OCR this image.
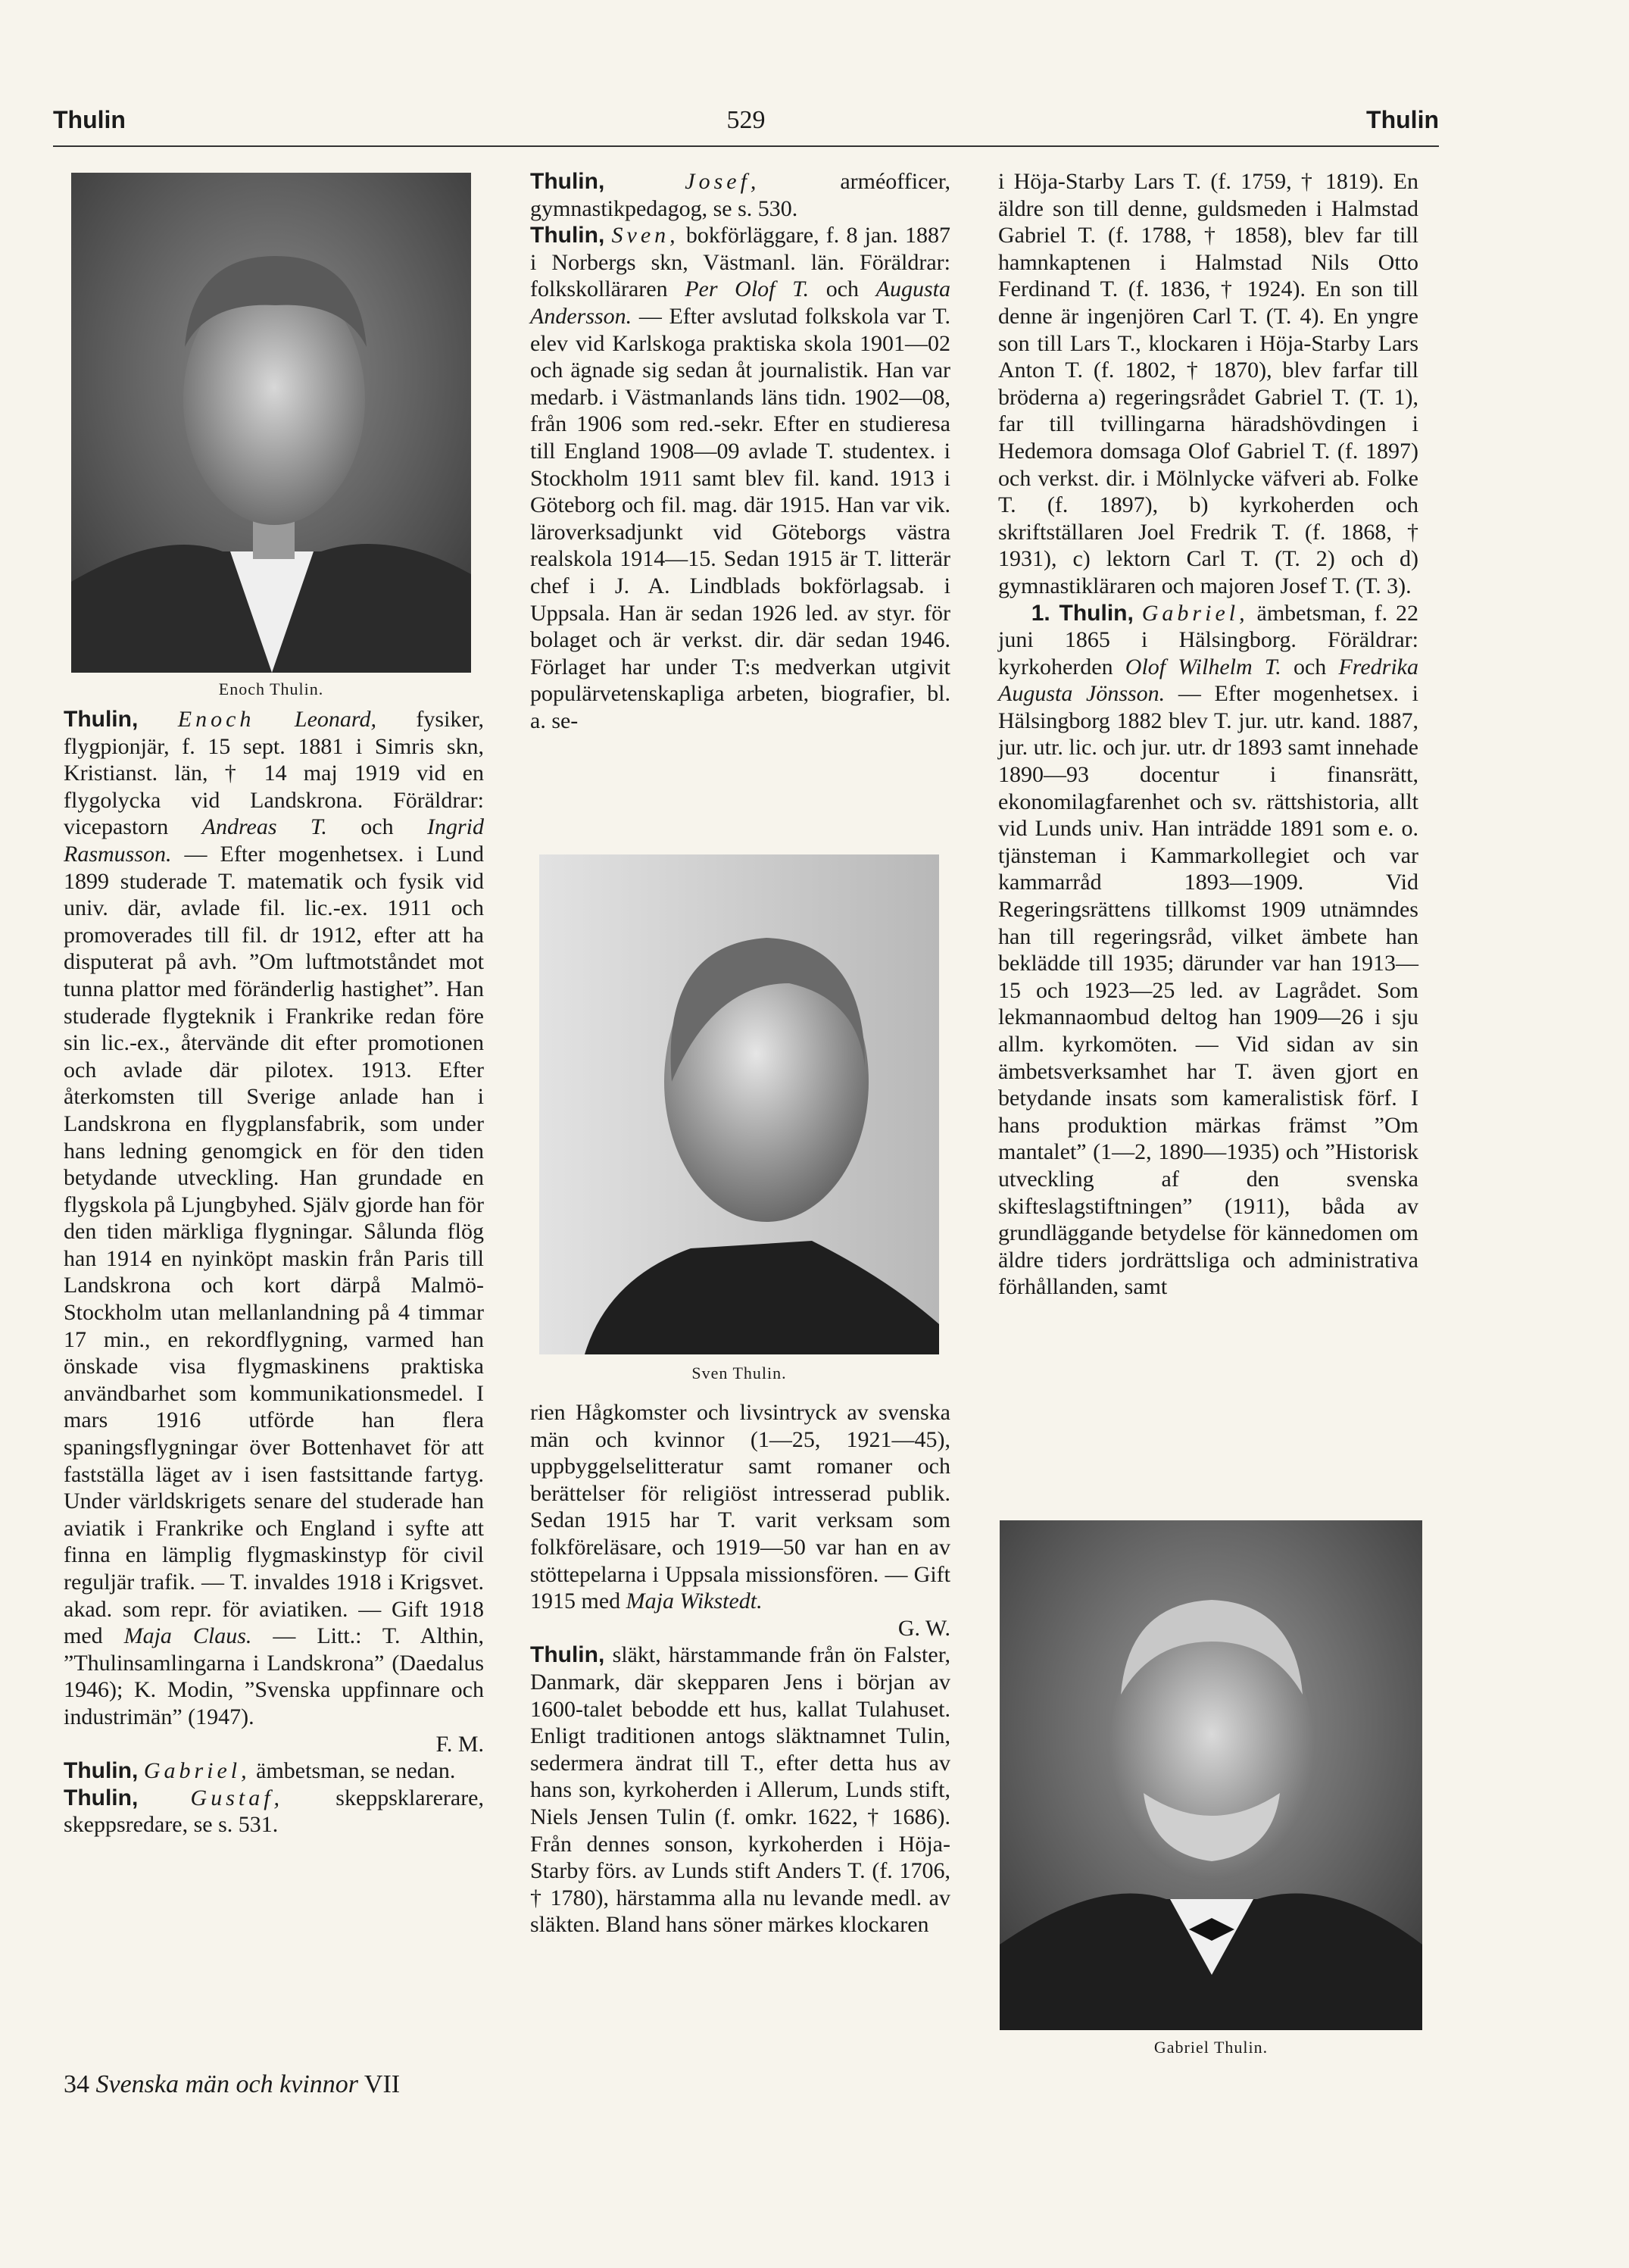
Thulin	529	Thulin
Enoch Thulin.

Thulin, Enoch Leonard, fysiker, flygpionjär, f. 15 sept. 1881 i Simris skn, Kristianst. län, † 14 maj 1919 vid en flygolycka vid Landskrona. Föräldrar: vicepastorn Andreas T. och Ingrid Rasmusson. — Efter mogenhetsex. i Lund 1899 studerade T. matematik och fysik vid univ. där, avlade fil. lic.-ex. 1911 och promoverades till fil. dr 1912, efter att ha disputerat på avh. ”Om luftmotståndet mot tunna plattor med föränderlig hastighet”. Han studerade flygteknik i Frankrike redan före sin lic.-ex., återvände dit efter promotionen och avlade där pilotex. 1913. Efter återkomsten till Sverige anlade han i Landskrona en flygplansfabrik, som under hans ledning genomgick en för den tiden betydande utveckling. Han grundade en flygskola på Ljungbyhed. Själv gjorde han för den tiden märkliga flygningar. Sålunda flög han 1914 en nyinköpt maskin från Paris till Landskrona och kort därpå Malmö-Stockholm utan mellanlandning på 4 timmar 17 min., en rekordflygning, varmed han önskade visa flygmaskinens praktiska användbarhet som kommunikationsmedel. I mars 1916 utförde han flera spaningsflygningar över Bottenhavet för att fastställa läget av i isen fastsittande fartyg. Under världskrigets senare del studerade han aviatik i Frankrike och England i syfte att finna en lämplig flygmaskinstyp för civil reguljär trafik. — T. invaldes 1918 i Krigsvet. akad. som repr. för aviatiken. — Gift 1918 med Maja Claus. — Litt.: T. Althin, ”Thulinsamlingarna i Landskrona” (Daedalus 1946); K. Modin, ”Svenska uppfinnare och industrimän” (1947).

F. M.

Thulin, Gabriel, ämbetsman, se nedan.

Thulin, Gustaf, skeppsklarerare, skeppsredare, se s. 531.

Thulin,	Josef, arméofficer, gymnastikpedagog, se s. 530.

Thulin, Sven, bokförläggare, f. 8 jan. 1887 i Norbergs skn, Västmanl. län. Föräldrar: folkskolläraren Per Olof T. och Augusta Andersson. — Efter avslutad folkskola var T. elev vid Karlskoga praktiska skola 1901—02 och ägnade sig sedan åt journalistik. Han var medarb. i Västmanlands läns tidn. 1902—08, från 1906 som red.-sekr. Efter en studieresa till England 1908—09 avlade T. studentex. i Stockholm 1911 samt blev fil. kand. 1913 i Göteborg och fil. mag. där 1915. Han var vik. läroverksadjunkt vid Göteborgs västra realskola 1914—15. Sedan 1915 är T. litterär chef i J. A. Lindblads bokförlagsab. i Uppsala. Han är sedan 1926 led. av styr. för bolaget och är verkst. dir. där sedan 1946. Förlaget har under T:s medverkan utgivit populärvetenskapliga arbeten, biografier, bl. a. se-

Sven Thulin.

rien Hågkomster och livsintryck av svenska män och kvinnor (1—25, 1921—45), uppbyggelselitteratur samt romaner och berättelser för religiöst intresserad publik. Sedan 1915 har T. varit verksam som folkföreläsare, och 1919—50 var han en av stöttepelarna i Uppsala missionsfören. — Gift 1915 med Maja Wikstedt.

G. W.

Thulin, släkt, härstammande från ön Falster, Danmark, där skepparen Jens i början av 1600-talet bebodde ett hus, kallat Tulahuset. Enligt traditionen antogs släktnamnet Tulin, sedermera ändrat till T., efter detta hus av hans son, kyrkoherden i Allerum, Lunds stift, Niels Jensen Tulin (f. omkr. 1622, † 1686). Från dennes sonson, kyrkoherden i Höja-Starby förs. av Lunds stift Anders T. (f. 1706, † 1780), härstamma alla nu levande medl. av släkten. Bland hans söner märkes klockaren

i Höja-Starby Lars T. (f. 1759, † 1819). En äldre son till denne, guldsmeden i Halmstad Gabriel T. (f. 1788, † 1858), blev far till hamnkaptenen i Halmstad Nils Otto Ferdinand T. (f. 1836, † 1924). En son till denne är ingenjören Carl T. (T. 4). En yngre son till Lars T., klockaren i Höja-Starby Lars Anton T. (f. 1802, † 1870), blev farfar till bröderna a) regeringsrådet Gabriel T. (T. 1), far till tvillingarna häradshövdingen i Hedemora domsaga Olof Gabriel T. (f. 1897) och verkst. dir. i Mölnlycke väfveri ab. Folke T. (f. 1897), b) kyrkoherden och skriftställaren Joel Fredrik T. (f. 1868, † 1931), c) lektorn Carl T. (T. 2) och d) gymnastikläraren och majoren Josef T. (T. 3).

1. Thulin, Gabriel, ämbetsman, f. 22 juni 1865 i Hälsingborg. Föräldrar: kyrkoherden Olof Wilhelm T. och Fredrika Augusta Jönsson. — Efter mogenhetsex. i Hälsingborg 1882 blev T. jur. utr. kand. 1887, jur. utr. lic. och jur. utr. dr 1893 samt innehade 1890—93 docentur i finansrätt, ekonomilagfarenhet och sv. rättshistoria, allt vid Lunds univ. Han inträdde 1891 som e. o. tjänsteman i Kammarkollegiet och var kammarråd 1893—1909. Vid Regeringsrättens tillkomst 1909 utnämndes han till regeringsråd, vilket ämbete han beklädde till 1935; därunder var han 1913—15 och 1923—25 led. av Lagrådet. Som lekmannaombud deltog han 1909—26 i sju allm. kyrkomöten. — Vid sidan av sin ämbetsverksamhet har T. även gjort en betydande insats som kameralistisk förf. I hans produktion märkas främst ”Om mantalet” (1—2, 1890—1935) och ”Historisk utveckling af den svenska skifteslagstiftningen” (1911), båda av grundläggande betydelse för kännedomen om äldre tiders jordrättsliga och administrativa förhållanden, samt

Gabriel Thulin.
34 Svenska män och kvinnor VII
